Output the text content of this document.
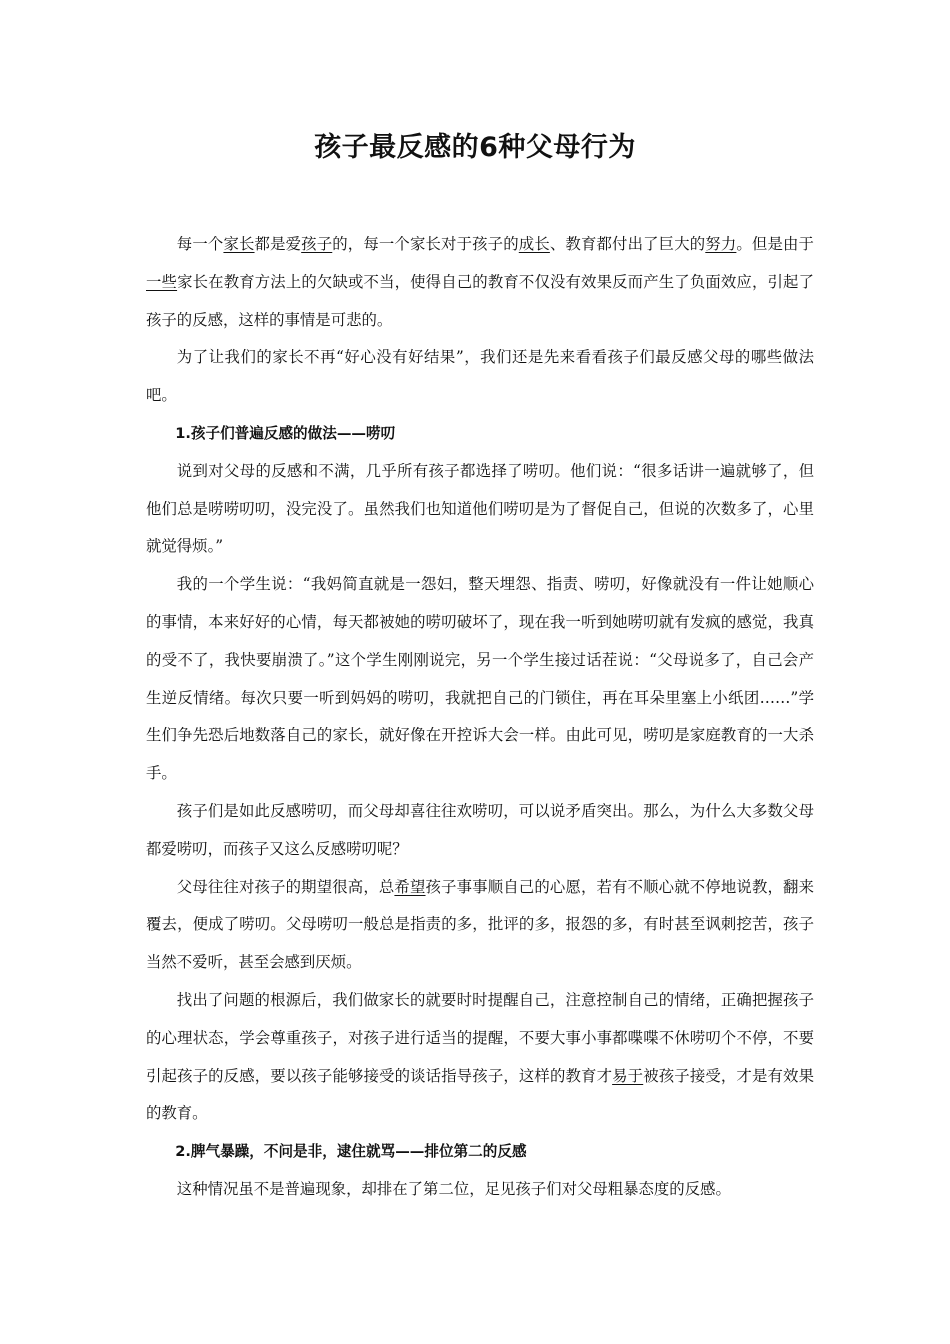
孩子最反感的6种父母行为

每一个家长都是爱孩子的，每一个家长对于孩子的成长、教育都付出了巨大的努力。但是由于一些家长在教育方法上的欠缺或不当，使得自己的教育不仅没有效果反而产生了负面效应，引起了孩子的反感，这样的事情是可悲的。

为了让我们的家长不再“好心没有好结果”，我们还是先来看看孩子们最反感父母的哪些做法吧。

1.孩子们普遍反感的做法——唠叨

说到对父母的反感和不满，几乎所有孩子都选择了唠叨。他们说：“很多话讲一遍就够了，但他们总是唠唠叨叨，没完没了。虽然我们也知道他们唠叨是为了督促自己，但说的次数多了，心里就觉得烦。”

我的一个学生说：“我妈简直就是一怨妇，整天埋怨、指责、唠叨，好像就没有一件让她顺心的事情，本来好好的心情，每天都被她的唠叨破坏了，现在我一听到她唠叨就有发疯的感觉，我真的受不了，我快要崩溃了。”这个学生刚刚说完，另一个学生接过话茬说：“父母说多了，自己会产生逆反情绪。每次只要一听到妈妈的唠叨，我就把自己的门锁住，再在耳朵里塞上小纸团……”学生们争先恐后地数落自己的家长，就好像在开控诉大会一样。由此可见，唠叨是家庭教育的一大杀手。

孩子们是如此反感唠叨，而父母却喜往往欢唠叨，可以说矛盾突出。那么，为什么大多数父母都爱唠叨，而孩子又这么反感唠叨呢？

父母往往对孩子的期望很高，总希望孩子事事顺自己的心愿，若有不顺心就不停地说教，翻来覆去，便成了唠叨。父母唠叨一般总是指责的多，批评的多，报怨的多，有时甚至讽刺挖苦，孩子当然不爱听，甚至会感到厌烦。

找出了问题的根源后，我们做家长的就要时时提醒自己，注意控制自己的情绪，正确把握孩子的心理状态，学会尊重孩子，对孩子进行适当的提醒，不要大事小事都喋喋不休唠叨个不停，不要引起孩子的反感，要以孩子能够接受的谈话指导孩子，这样的教育才易于被孩子接受，才是有效果的教育。

2.脾气暴躁，不问是非，逮住就骂——排位第二的反感

这种情况虽不是普遍现象，却排在了第二位，足见孩子们对父母粗暴态度的反感。
